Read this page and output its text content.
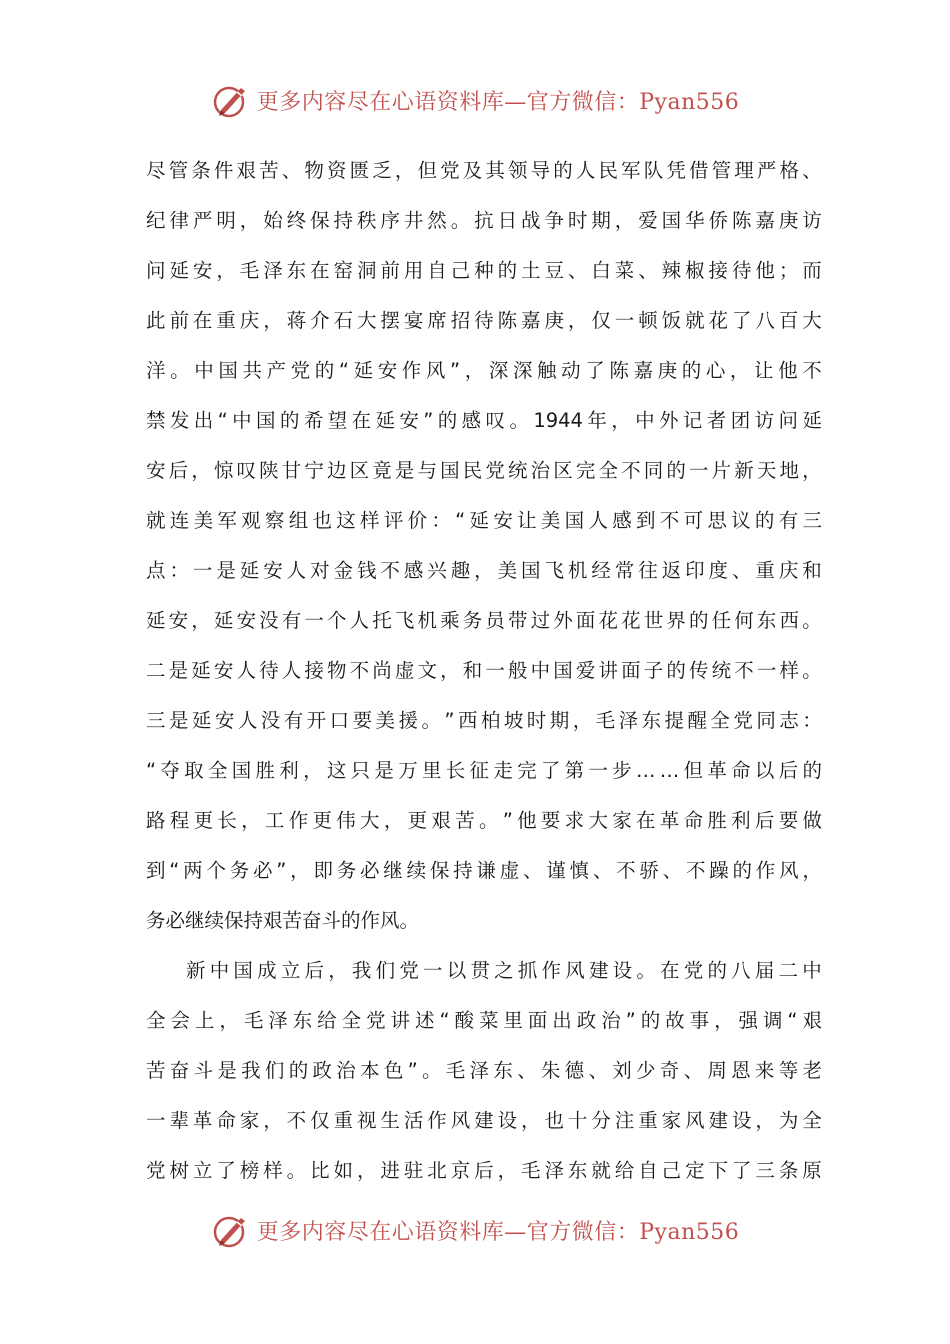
更多内容尽在心语资料库—官方微信：Pyan556
尽 管 条 件 艰 苦 、 物 资 匮 乏 ， 但 党 及 其 领 导 的 人 民 军 队 凭 借 管 理 严 格 、
纪 律 严 明 ， 始 终 保 持 秩 序 井 然 。 抗 日 战 争 时 期 ， 爱 国 华 侨 陈 嘉 庚 访
问 延 安 ， 毛 泽 东 在 窑 洞 前 用 自 己 种 的 土 豆 、 白 菜 、 辣 椒 接 待 他 ； 而
此 前 在 重 庆 ， 蒋 介 石 大 摆 宴 席 招 待 陈 嘉 庚 ， 仅 一 顿 饭 就 花 了 八 百 大
洋 。 中 国 共 产 党 的 “ 延 安 作 风 ” ， 深 深 触 动 了 陈 嘉 庚 的 心 ， 让 他 不
禁 发 出 “ 中 国 的 希 望 在 延 安 ” 的 感 叹 。 1944 年 ， 中 外 记 者 团 访 问 延
安 后 ， 惊 叹 陕 甘 宁 边 区 竟 是 与 国 民 党 统 治 区 完 全 不 同 的 一 片 新 天 地 ，
就 连 美 军 观 察 组 也 这 样 评 价 ： “ 延 安 让 美 国 人 感 到 不 可 思 议 的 有 三
点 ： 一 是 延 安 人 对 金 钱 不 感 兴 趣 ， 美 国 飞 机 经 常 往 返 印 度 、 重 庆 和
延 安 ， 延 安 没 有 一 个 人 托 飞 机 乘 务 员 带 过 外 面 花 花 世 界 的 任 何 东 西 。
二 是 延 安 人 待 人 接 物 不 尚 虚 文 ， 和 一 般 中 国 爱 讲 面 子 的 传 统 不 一 样 。
三 是 延 安 人 没 有 开 口 要 美 援 。 ” 西 柏 坡 时 期 ， 毛 泽 东 提 醒 全 党 同 志 ：
“ 夺 取 全 国 胜 利 ， 这 只 是 万 里 长 征 走 完 了 第 一 步 … … 但 革 命 以 后 的
路 程 更 长 ， 工 作 更 伟 大 ， 更 艰 苦 。 ” 他 要 求 大 家 在 革 命 胜 利 后 要 做
到 “ 两 个 务 必 ” ， 即 务 必 继 续 保 持 谦 虚 、 谨 慎 、 不 骄 、 不 躁 的 作 风 ，
务必继续保持艰苦奋斗的作风。
新 中 国 成 立 后 ， 我 们 党 一 以 贯 之 抓 作 风 建 设 。 在 党 的 八 届 二 中
全 会 上 ， 毛 泽 东 给 全 党 讲 述 “ 酸 菜 里 面 出 政 治 ” 的 故 事 ， 强 调 “ 艰
苦 奋 斗 是 我 们 的 政 治 本 色 ” 。 毛 泽 东 、 朱 德 、 刘 少 奇 、 周 恩 来 等 老
一 辈 革 命 家 ， 不 仅 重 视 生 活 作 风 建 设 ， 也 十 分 注 重 家 风 建 设 ， 为 全
党 树 立 了 榜 样 。 比 如 ， 进 驻 北 京 后 ， 毛 泽 东 就 给 自 己 定 下 了 三 条 原
更多内容尽在心语资料库—官方微信：Pyan556
